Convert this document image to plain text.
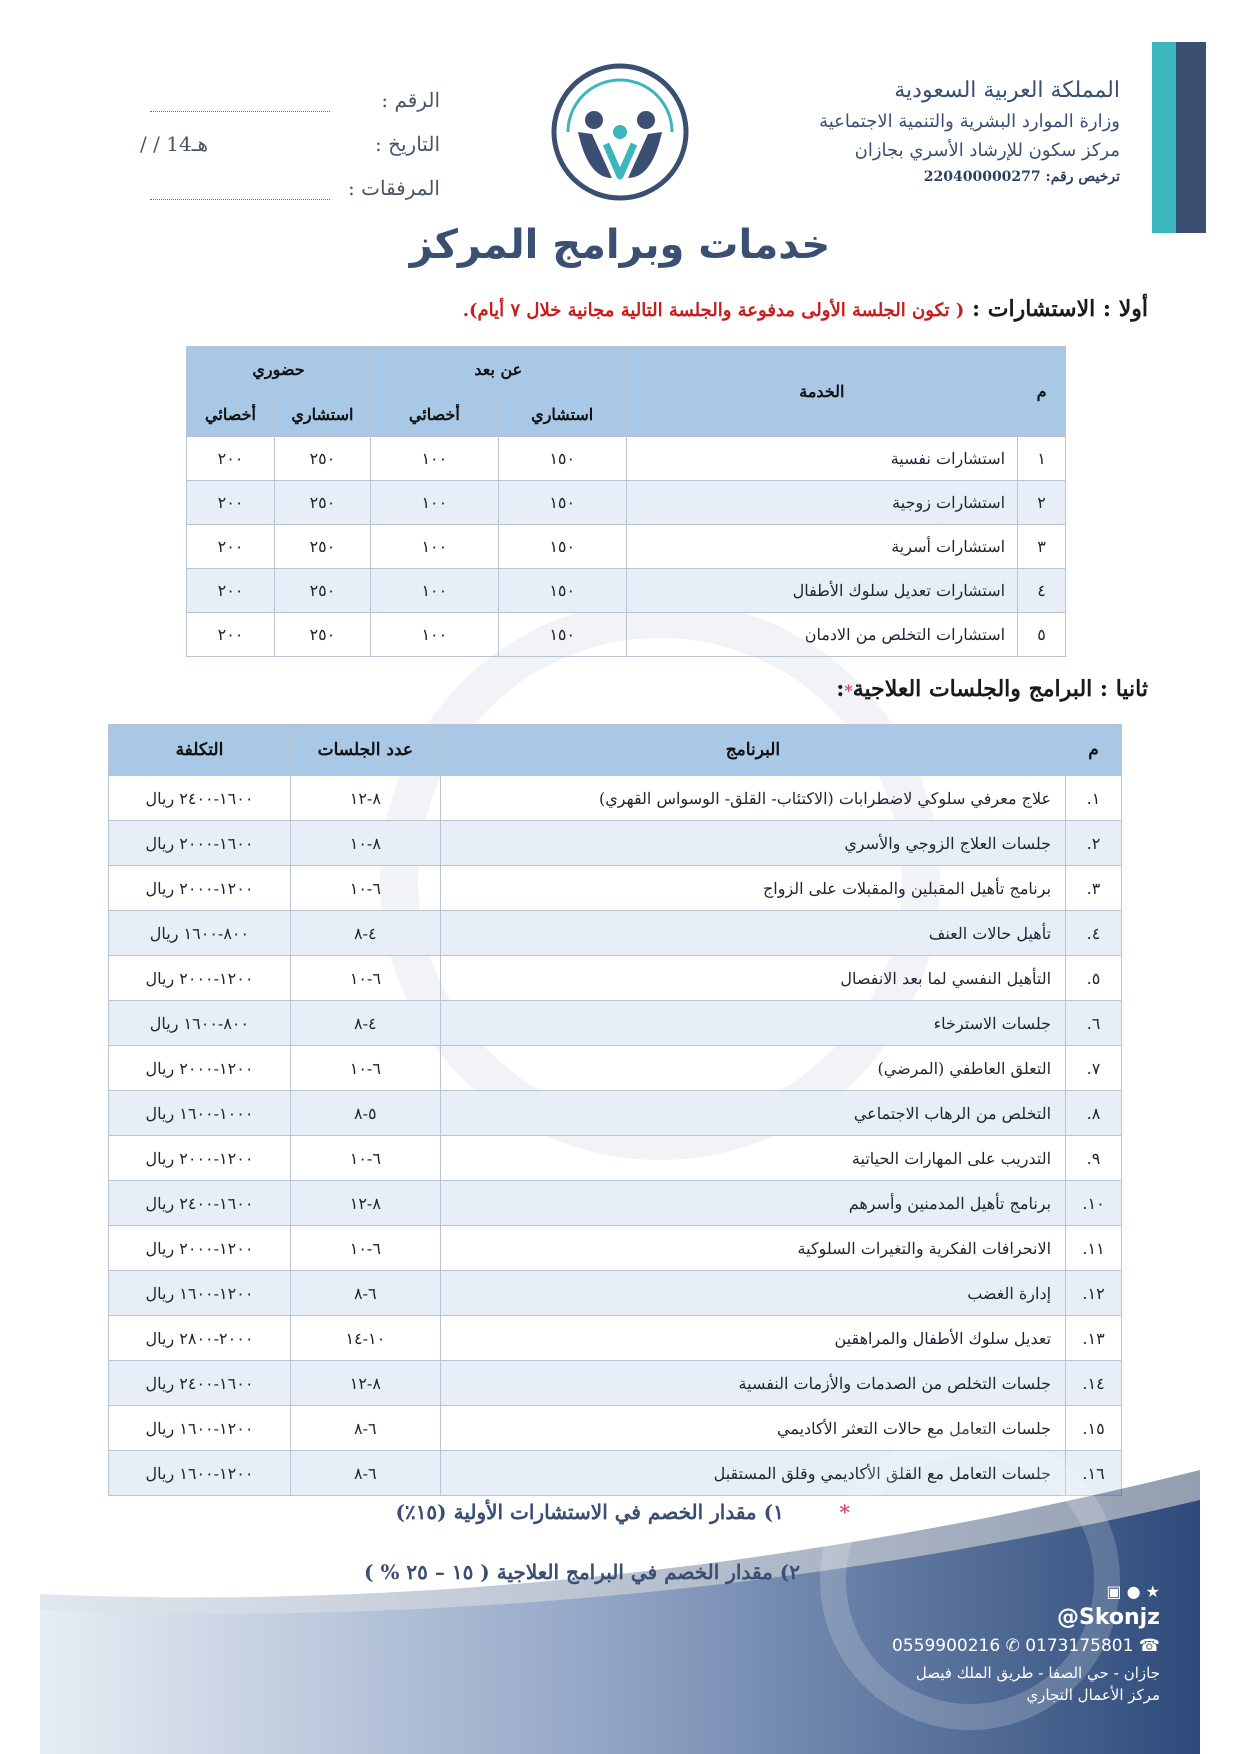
المملكة العربية السعودية
وزارة الموارد البشرية والتنمية الاجتماعية
مركز سكون للإرشاد الأسري بجازان
ترخيص رقم: 220400000277
الرقم :
التاريخ :
/ / 14هـ
المرفقات :
خدمات وبرامج المركز
أولا : الاستشارات : ( تكون الجلسة الأولى مدفوعة والجلسة التالية مجانية خلال ٧ أيام).
م	الخدمة	عن بعد		حضوري	
		استشاري	أخصائي	استشاري	أخصائي
١	استشارات نفسية	١٥٠	١٠٠	٢٥٠	٢٠٠
٢	استشارات زوجية	١٥٠	١٠٠	٢٥٠	٢٠٠
٣	استشارات أسرية	١٥٠	١٠٠	٢٥٠	٢٠٠
٤	استشارات تعديل سلوك الأطفال	١٥٠	١٠٠	٢٥٠	٢٠٠
٥	استشارات التخلص من الادمان	١٥٠	١٠٠	٢٥٠	٢٠٠
ثانيا : البرامج والجلسات العلاجية*:
م	البرنامج	عدد الجلسات	التكلفة
١.	علاج معرفي سلوكي لاضطرابات (الاكتئاب- القلق- الوسواس القهري)	٨-١٢	١٦٠٠-٢٤٠٠ ريال
٢.	جلسات العلاج الزوجي والأسري	٨-١٠	١٦٠٠-٢٠٠٠ ريال
٣.	برنامج تأهيل المقبلين والمقبلات على الزواج	٦-١٠	١٢٠٠-٢٠٠٠ ريال
٤.	تأهيل حالات العنف	٤-٨	٨٠٠-١٦٠٠ ريال
٥.	التأهيل النفسي لما بعد الانفصال	٦-١٠	١٢٠٠-٢٠٠٠ ريال
٦.	جلسات الاسترخاء	٤-٨	٨٠٠-١٦٠٠ ريال
٧.	التعلق العاطفي (المرضي)	٦-١٠	١٢٠٠-٢٠٠٠ ريال
٨.	التخلص من الرهاب الاجتماعي	٥-٨	١٠٠٠-١٦٠٠ ريال
٩.	التدريب على المهارات الحياتية	٦-١٠	١٢٠٠-٢٠٠٠ ريال
١٠.	برنامج تأهيل المدمنين وأسرهم	٨-١٢	١٦٠٠-٢٤٠٠ ريال
١١.	الانحرافات الفكرية والتغيرات السلوكية	٦-١٠	١٢٠٠-٢٠٠٠ ريال
١٢.	إدارة الغضب	٦-٨	١٢٠٠-١٦٠٠ ريال
١٣.	تعديل سلوك الأطفال والمراهقين	١٠-١٤	٢٠٠٠-٢٨٠٠ ريال
١٤.	جلسات التخلص من الصدمات والأزمات النفسية	٨-١٢	١٦٠٠-٢٤٠٠ ريال
١٥.	جلسات التعامل مع حالات التعثر الأكاديمي	٦-٨	١٢٠٠-١٦٠٠ ريال
١٦.	جلسات التعامل مع القلق الأكاديمي وقلق المستقبل	٦-٨	١٢٠٠-١٦٠٠ ريال
*        ١) مقدار الخصم في الاستشارات الأولية (١٥٪)
٢) مقدار الخصم في البرامج العلاجية ( ١٥ – ٢٥ % )
★ ● ▣
@Skonjz
0559900216 ✆ 0173175801 ☎
جازان - حي الصفا - طريق الملك فيصل
مركز الأعمال التجاري
